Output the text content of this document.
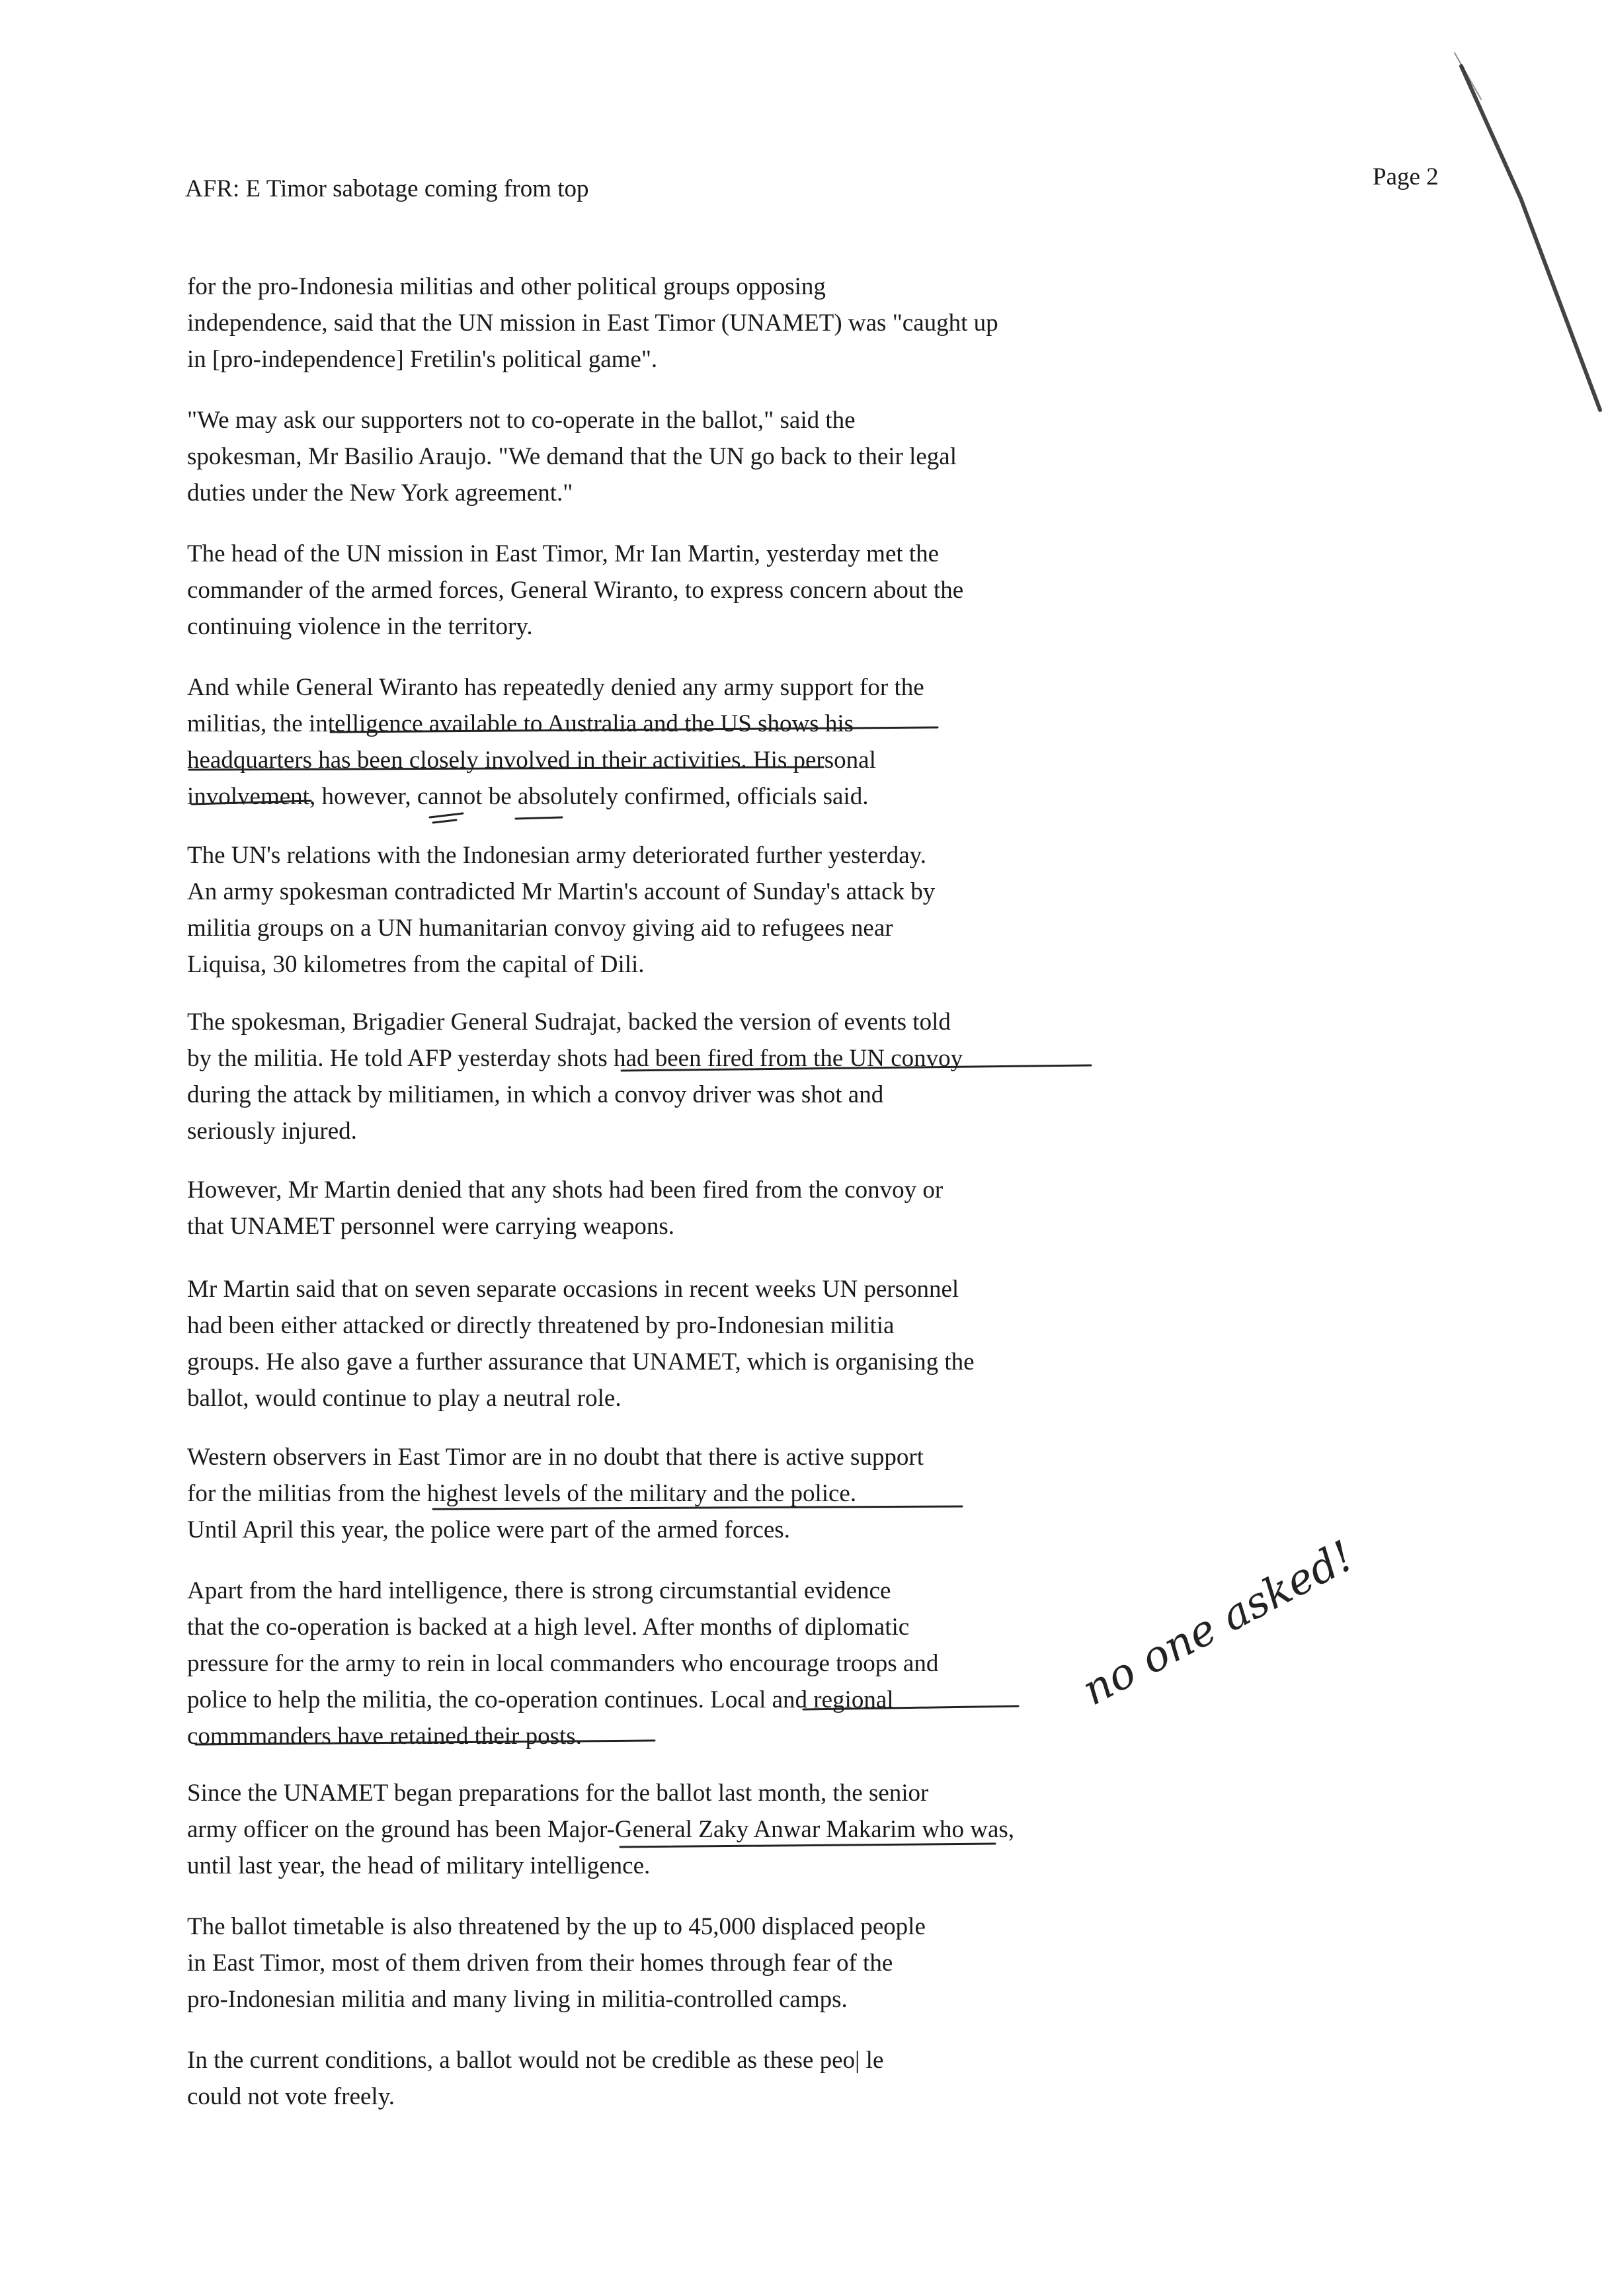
AFR: E Timor sabotage coming from top	Page 2

for the pro-Indonesia militias and other political groups opposing

independence, said that the UN mission in East Timor (UNAMET) was "caught up

in [pro-independence] Fretilin's political game".

"We may ask our supporters not to co-operate in the ballot," said the

spokesman, Mr Basilio Araujo. "We demand that the UN go back to their legal

duties under the New York agreement."

The head of the UN mission in East Timor, Mr Ian Martin, yesterday met the

commander of the armed forces, General Wiranto, to express concern about the

continuing violence in the territory.

And while General Wiranto has repeatedly denied any army support for the

militias, the intelligence available to Australia and the US shows his

headquarters has been closely involved in their activities. His personal

involvement, however, cannot be absolutely confirmed, officials said.

The UN's relations with the Indonesian army deteriorated further yesterday.

An army spokesman contradicted Mr Martin's account of Sunday's attack by

militia groups on a UN humanitarian convoy giving aid to refugees near

Liquisa, 30 kilometres from the capital of Dili.

The spokesman, Brigadier General Sudrajat, backed the version of events told

by the militia. He told AFP yesterday shots had been fired from the UN convoy

during the attack by militiamen, in which a convoy driver was shot and

seriously injured.

However, Mr Martin denied that any shots had been fired from the convoy or

that UNAMET personnel were carrying weapons.

Mr Martin said that on seven separate occasions in recent weeks UN personnel

had been either attacked or directly threatened by pro-Indonesian militia

groups. He also gave a further assurance that UNAMET, which is organising the

ballot, would continue to play a neutral role.

Western observers in East Timor are in no doubt that there is active support

for the militias from the highest levels of the military and the police.

Until April this year, the police were part of the armed forces.

Apart from the hard intelligence, there is strong circumstantial evidence

that the co-operation is backed at a high level. After months of diplomatic

pressure for the army to rein in local commanders who encourage troops and

police to help the militia, the co-operation continues. Local and regional

commmanders have retained their posts.

Since the UNAMET began preparations for the ballot last month, the senior

army officer on the ground has been Major-General Zaky Anwar Makarim who was,

until last year, the head of military intelligence.

The ballot timetable is also threatened by the up to 45,000 displaced people

in East Timor, most of them driven from their homes through fear of the

pro-Indonesian militia and many living in militia-controlled camps.

In the current conditions, a ballot would not be credible as these peo| le

could not vote freely.

no one asked!
